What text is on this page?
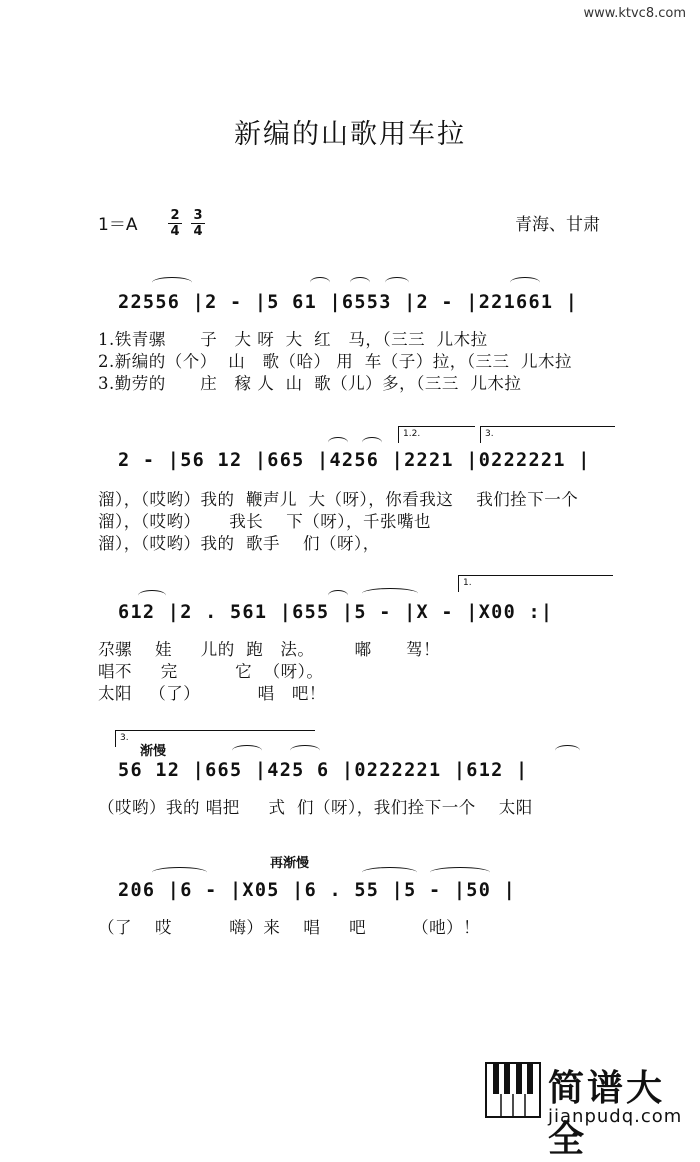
www.ktvc8.com
新编的山歌用车拉
$1=A \frac{2}{4} \frac{3}{4}$	青海、甘肃
22556 |2 - |5 61 |6553 |2 - |221661 |
1.铁青骡      子   大 呀  大  红   马，（三三  儿木拉
2.新编的（个）  山   歌（哈） 用  车（子）拉，（三三  儿木拉
3.勤劳的      庄   稼 人  山  歌（儿）多，（三三  儿木拉
1.2.	3.
2 - |56 12 |665 |4256 |2221 |0222221 |
溜），（哎哟）我的  鞭声儿  大（呀），你看我这    我们拴下一个
溜），（哎哟）     我长    下（呀），千张嘴也
溜），（哎哟）我的  歌手    们（呀），
1.
612 |2 . 561 |655 |5 - |X - |X00 :|
尕骡    娃     儿的  跑   法。       嘟      驾！
唱不     完          它  （呀）。
太阳   （了）          唱   吧！
3.
渐慢
56 12 |665 |425 6 |0222221 |612 |
（哎哟）我的 唱把     式  们（呀），我们拴下一个    太阳
再渐慢
206 |6 - |X05 |6 . 55 |5 - |50 |
（了    哎          嗨）来    唱     吧        （吔）！
简谱大全
jianpudq.com
